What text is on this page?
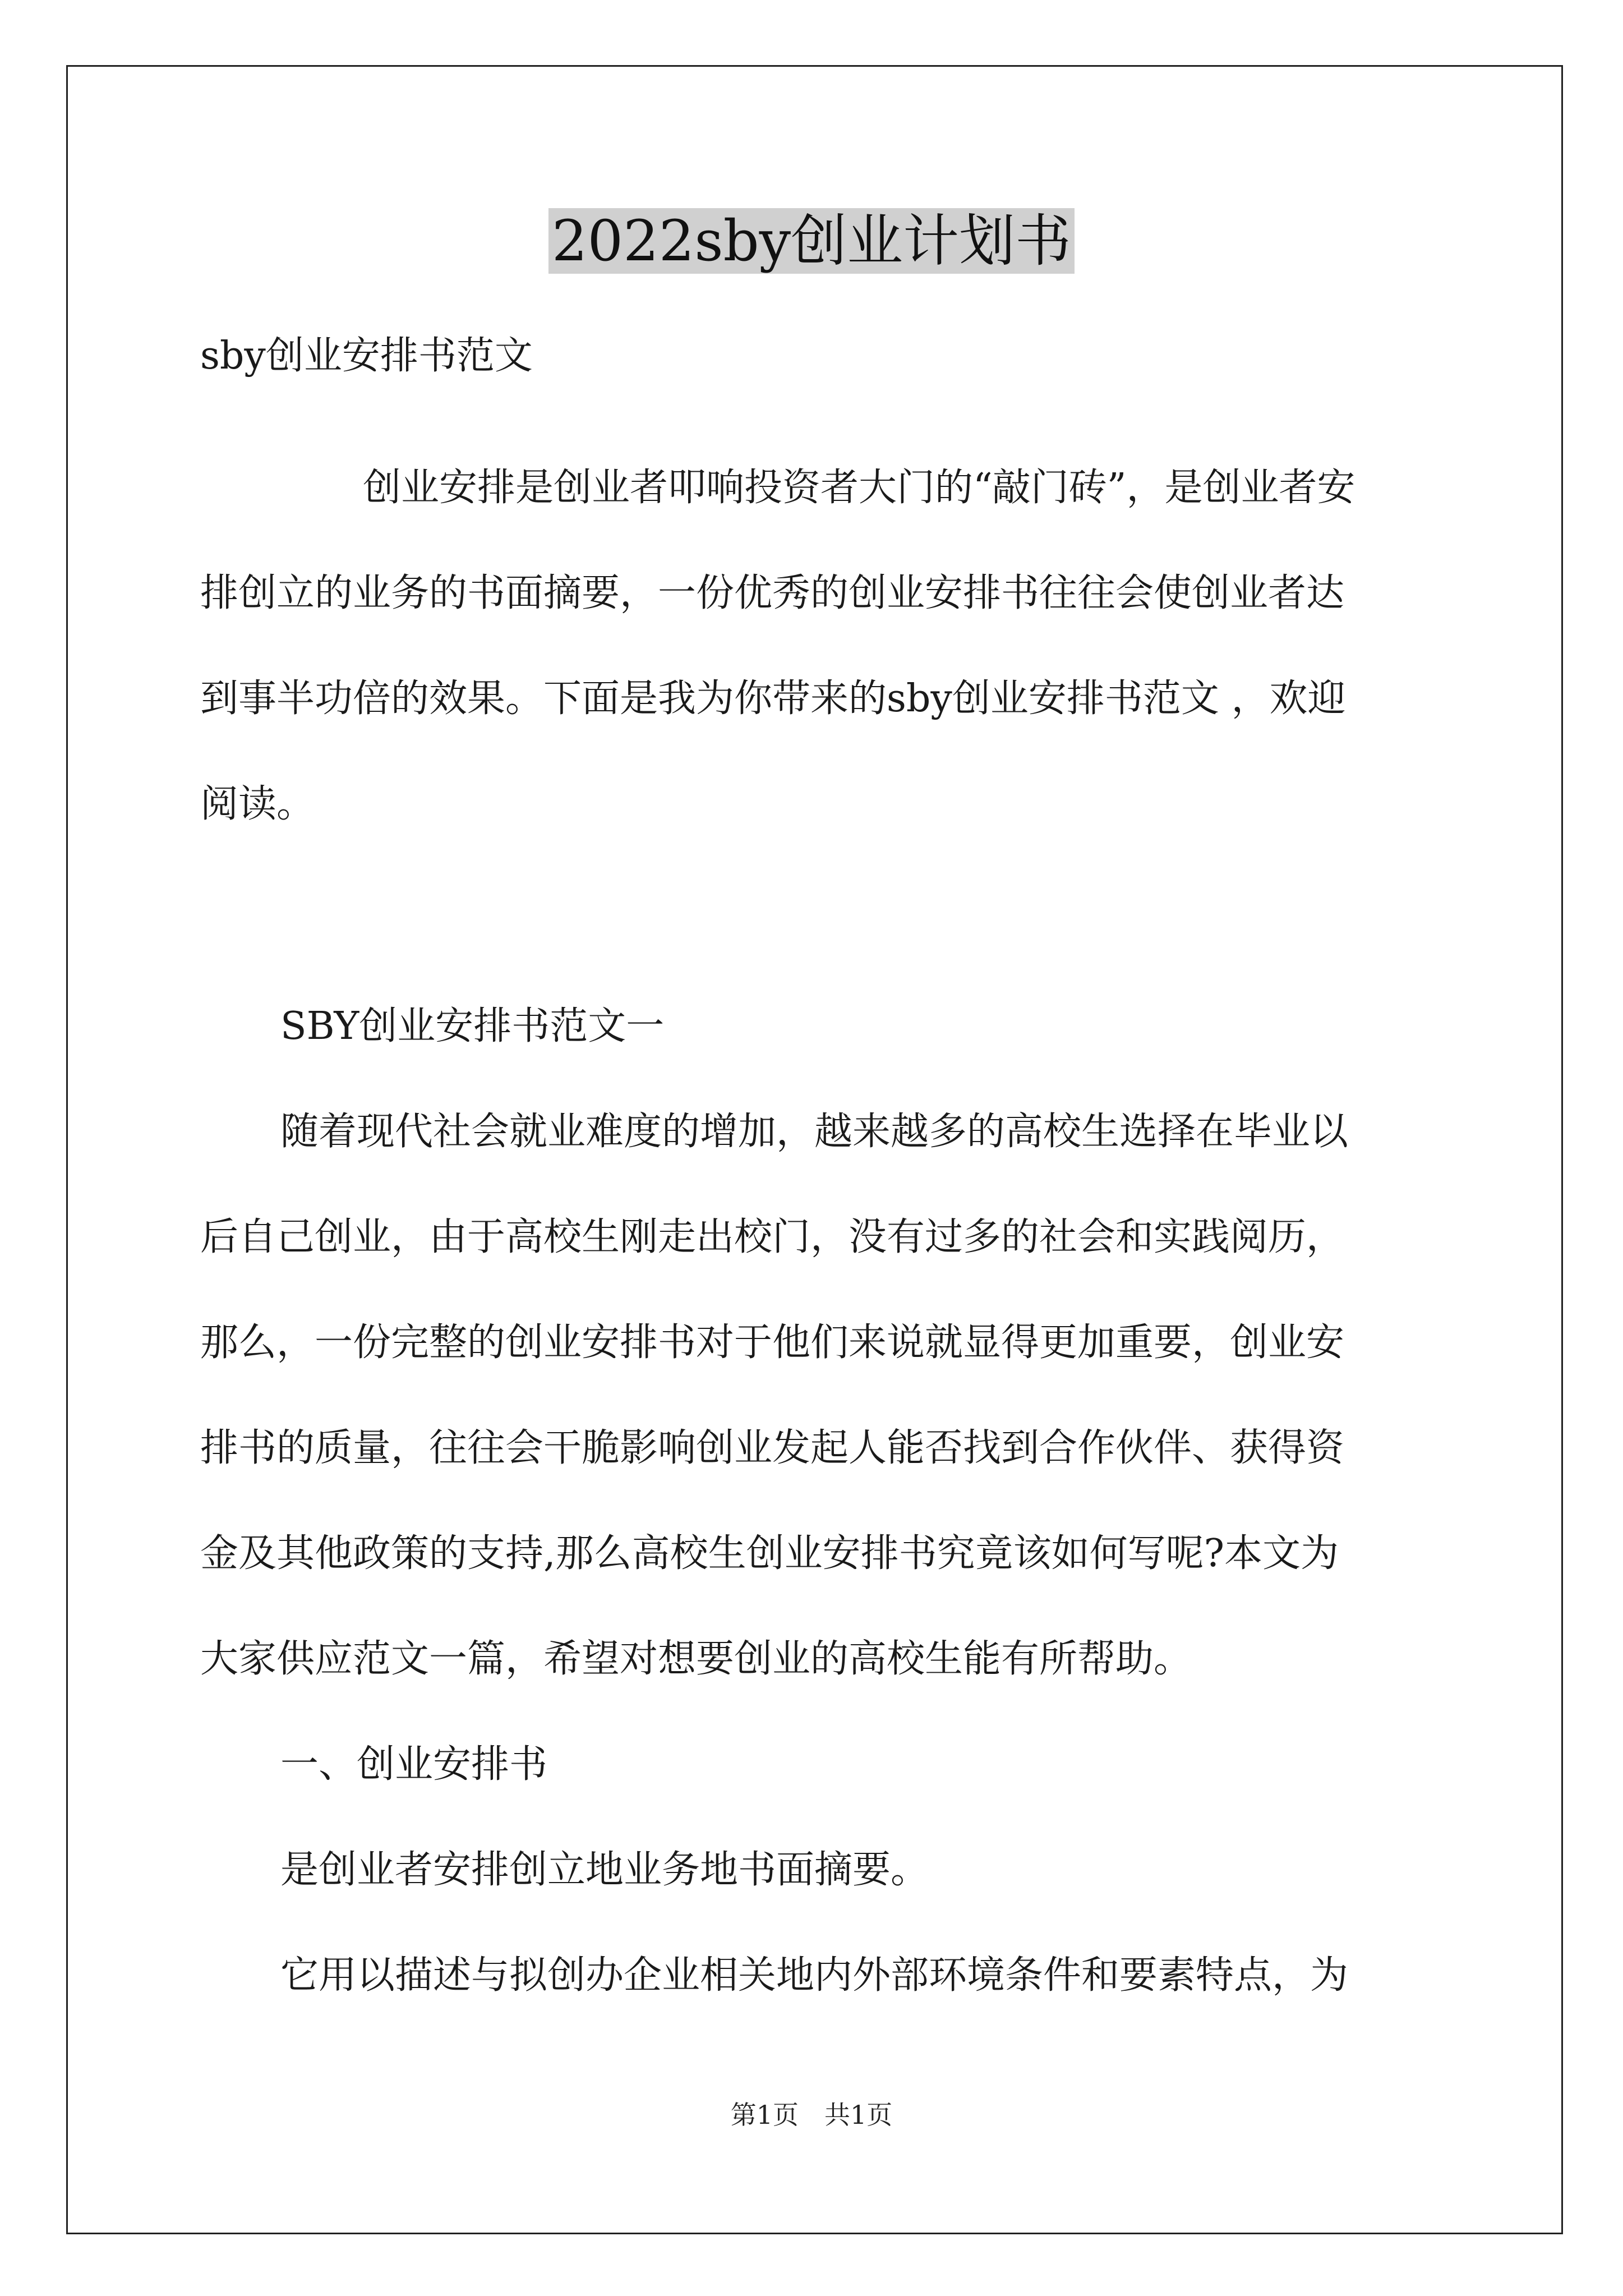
2022sby创业计划书
sby创业安排书范文
创业安排是创业者叩响投资者大门的“敲门砖”，是创业者安
排创立的业务的书面摘要，一份优秀的创业安排书往往会使创业者达
到事半功倍的效果。下面是我为你带来的sby创业安排书范文 ，欢迎
阅读。
SBY创业安排书范文一
随着现代社会就业难度的增加，越来越多的高校生选择在毕业以
后自己创业，由于高校生刚走出校门，没有过多的社会和实践阅历，
那么，一份完整的创业安排书对于他们来说就显得更加重要，创业安
排书的质量，往往会干脆影响创业发起人能否找到合作伙伴、获得资
金及其他政策的支持,那么高校生创业安排书究竟该如何写呢?本文为
大家供应范文一篇，希望对想要创业的高校生能有所帮助。
一、创业安排书
是创业者安排创立地业务地书面摘要。
它用以描述与拟创办企业相关地内外部环境条件和要素特点，为
第1页　共1页
